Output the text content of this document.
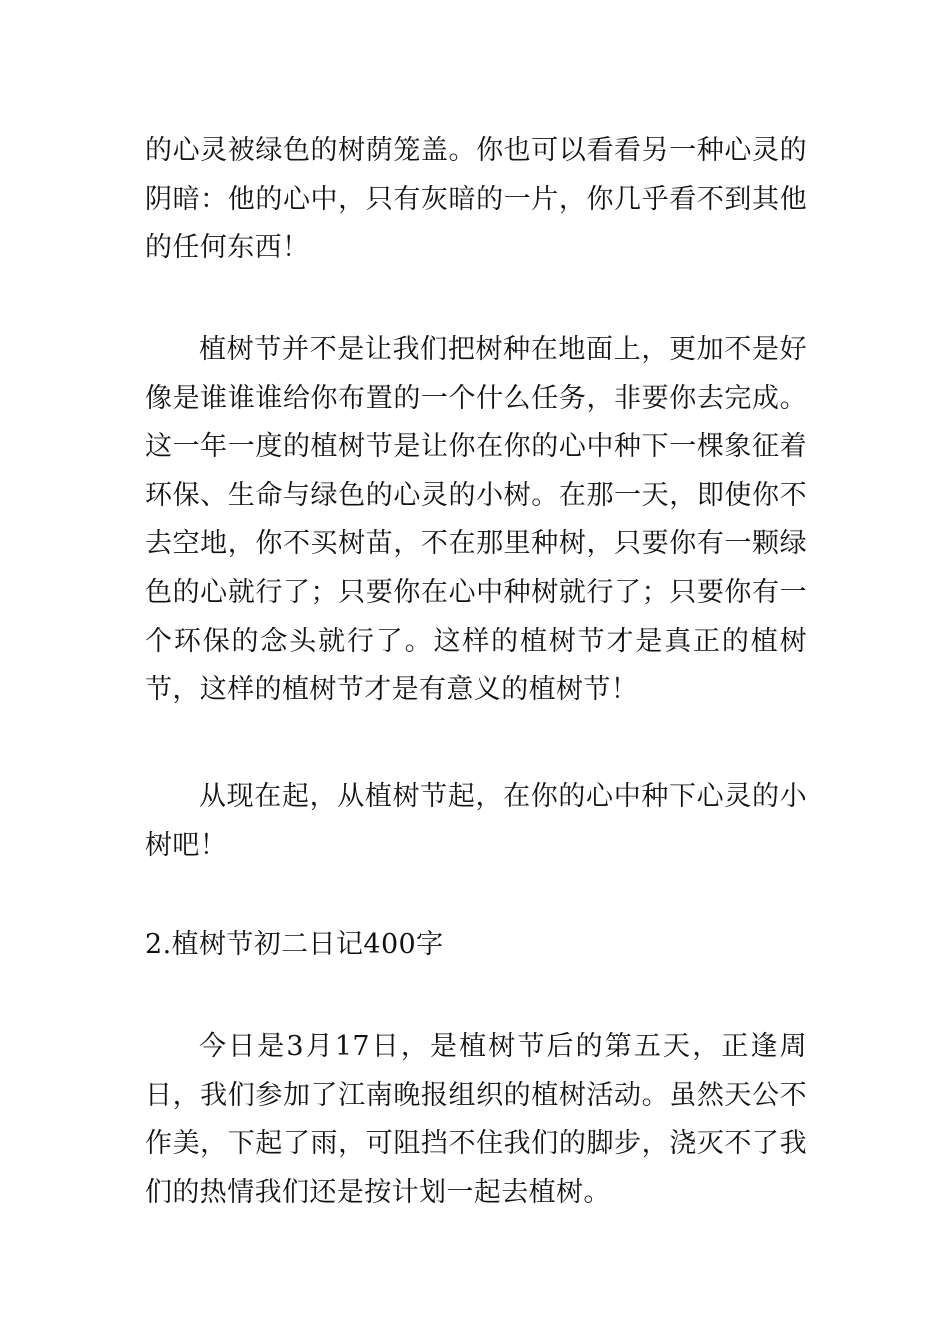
的心灵被绿色的树荫笼盖。你也可以看看另一种心灵的阴暗：他的心中，只有灰暗的一片，你几乎看不到其他的任何东西！

植树节并不是让我们把树种在地面上，更加不是好像是谁谁谁给你布置的一个什么任务，非要你去完成。这一年一度的植树节是让你在你的心中种下一棵象征着环保、生命与绿色的心灵的小树。在那一天，即使你不去空地，你不买树苗，不在那里种树，只要你有一颗绿色的心就行了；只要你在心中种树就行了；只要你有一个环保的念头就行了。这样的植树节才是真正的植树节，这样的植树节才是有意义的植树节！

从现在起，从植树节起，在你的心中种下心灵的小树吧！

2.植树节初二日记400字

今日是3月17日，是植树节后的第五天，正逢周日，我们参加了江南晚报组织的植树活动。虽然天公不作美，下起了雨，可阻挡不住我们的脚步，浇灭不了我们的热情我们还是按计划一起去植树。
